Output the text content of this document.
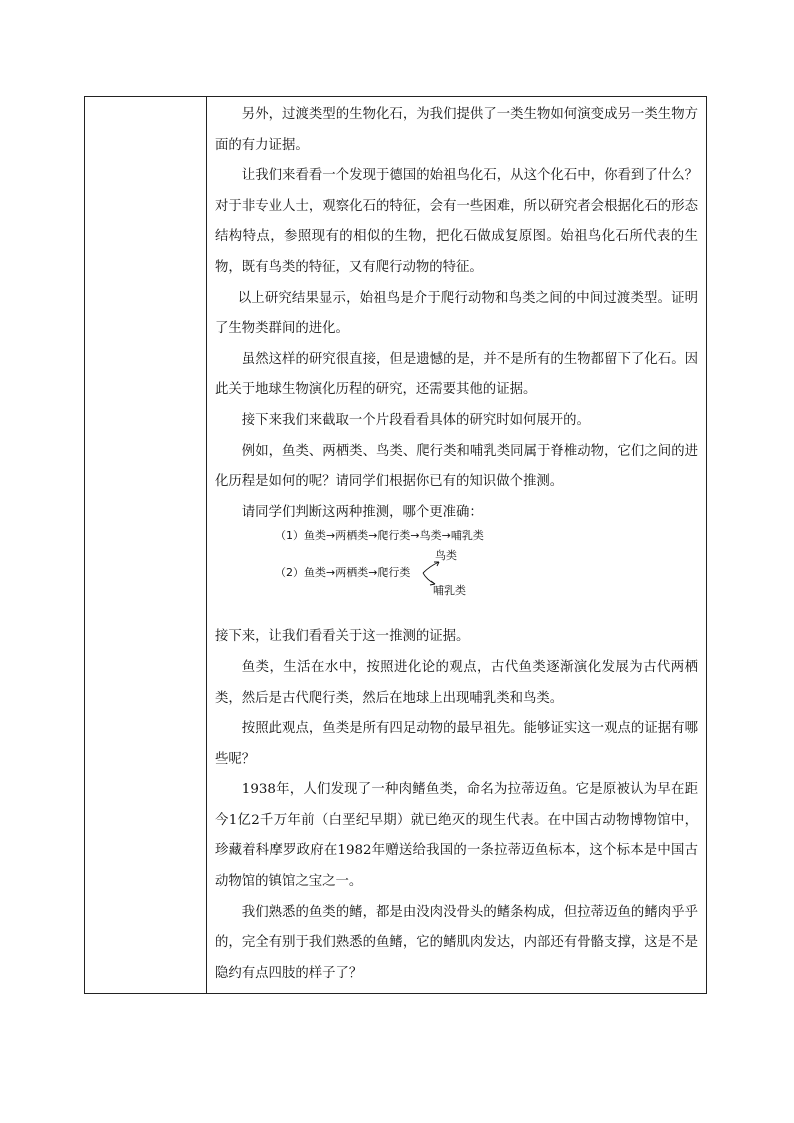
另外，过渡类型的生物化石，为我们提供了一类生物如何演变成另一类生物方面的有力证据。

让我们来看看一个发现于德国的始祖鸟化石，从这个化石中，你看到了什么？对于非专业人士，观察化石的特征，会有一些困难，所以研究者会根据化石的形态结构特点，参照现有的相似的生物，把化石做成复原图。始祖鸟化石所代表的生物，既有鸟类的特征，又有爬行动物的特征。

以上研究结果显示，始祖鸟是介于爬行动物和鸟类之间的中间过渡类型。证明了生物类群间的进化。

虽然这样的研究很直接，但是遗憾的是，并不是所有的生物都留下了化石。因此关于地球生物演化历程的研究，还需要其他的证据。

接下来我们来截取一个片段看看具体的研究时如何展开的。

例如，鱼类、两栖类、鸟类、爬行类和哺乳类同属于脊椎动物，它们之间的进化历程是如何的呢？请同学们根据你已有的知识做个推测。

请同学们判断这两种推测，哪个更准确：

（1）鱼类→两栖类→爬行类→鸟类→哺乳类
（2）鱼类→两栖类→爬行类
鸟类
哺乳类

接下来，让我们看看关于这一推测的证据。

鱼类，生活在水中，按照进化论的观点，古代鱼类逐渐演化发展为古代两栖类，然后是古代爬行类，然后在地球上出现哺乳类和鸟类。

按照此观点，鱼类是所有四足动物的最早祖先。能够证实这一观点的证据有哪些呢？

1938年，人们发现了一种肉鳍鱼类，命名为拉蒂迈鱼。它是原被认为早在距今1亿2千万年前（白垩纪早期）就已绝灭的现生代表。在中国古动物博物馆中，珍藏着科摩罗政府在1982年赠送给我国的一条拉蒂迈鱼标本，这个标本是中国古动物馆的镇馆之宝之一。

我们熟悉的鱼类的鳍，都是由没肉没骨头的鳍条构成，但拉蒂迈鱼的鳍肉乎乎的，完全有别于我们熟悉的鱼鳍，它的鳍肌肉发达，内部还有骨骼支撑，这是不是隐约有点四肢的样子了？
